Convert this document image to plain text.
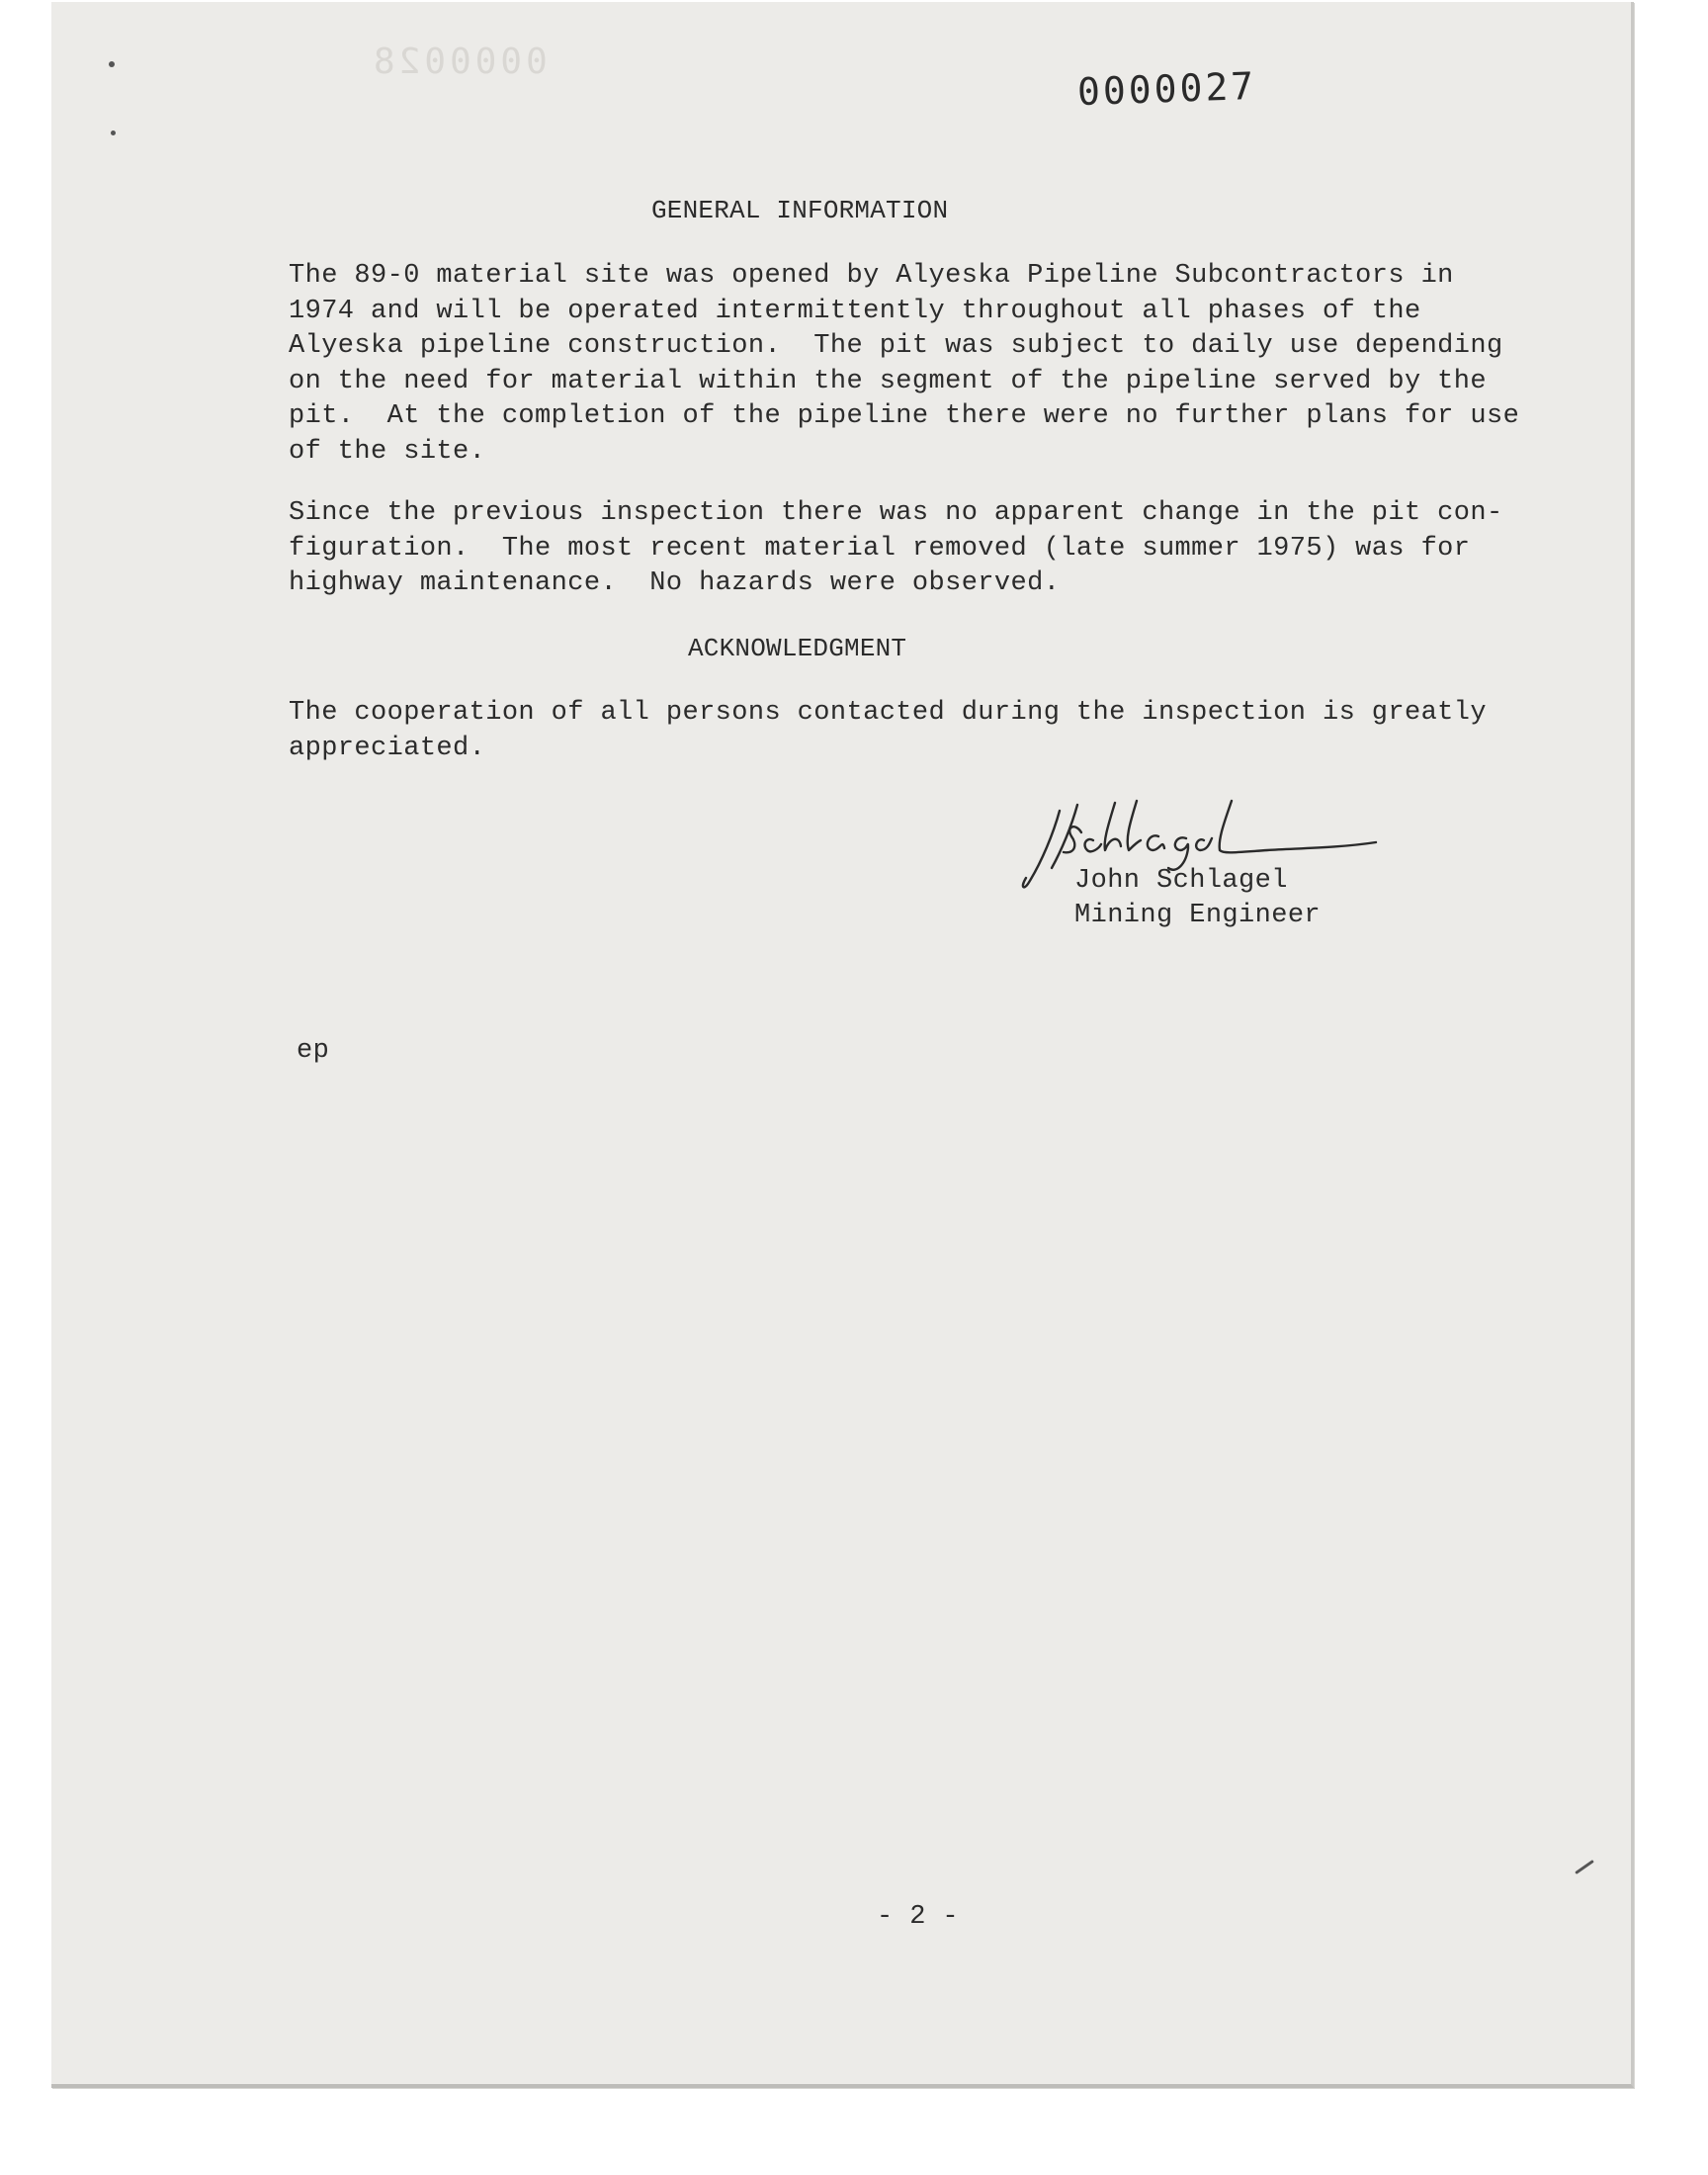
0000028
0000027
GENERAL INFORMATION
The 89-0 material site was opened by Alyeska Pipeline Subcontractors in
1974 and will be operated intermittently throughout all phases of the
Alyeska pipeline construction.  The pit was subject to daily use depending
on the need for material within the segment of the pipeline served by the
pit.  At the completion of the pipeline there were no further plans for use
of the site.
Since the previous inspection there was no apparent change in the pit con-
figuration.  The most recent material removed (late summer 1975) was for
highway maintenance.  No hazards were observed.
ACKNOWLEDGMENT
The cooperation of all persons contacted during the inspection is greatly
appreciated.
John Schlagel
Mining Engineer
ep
- 2 -
